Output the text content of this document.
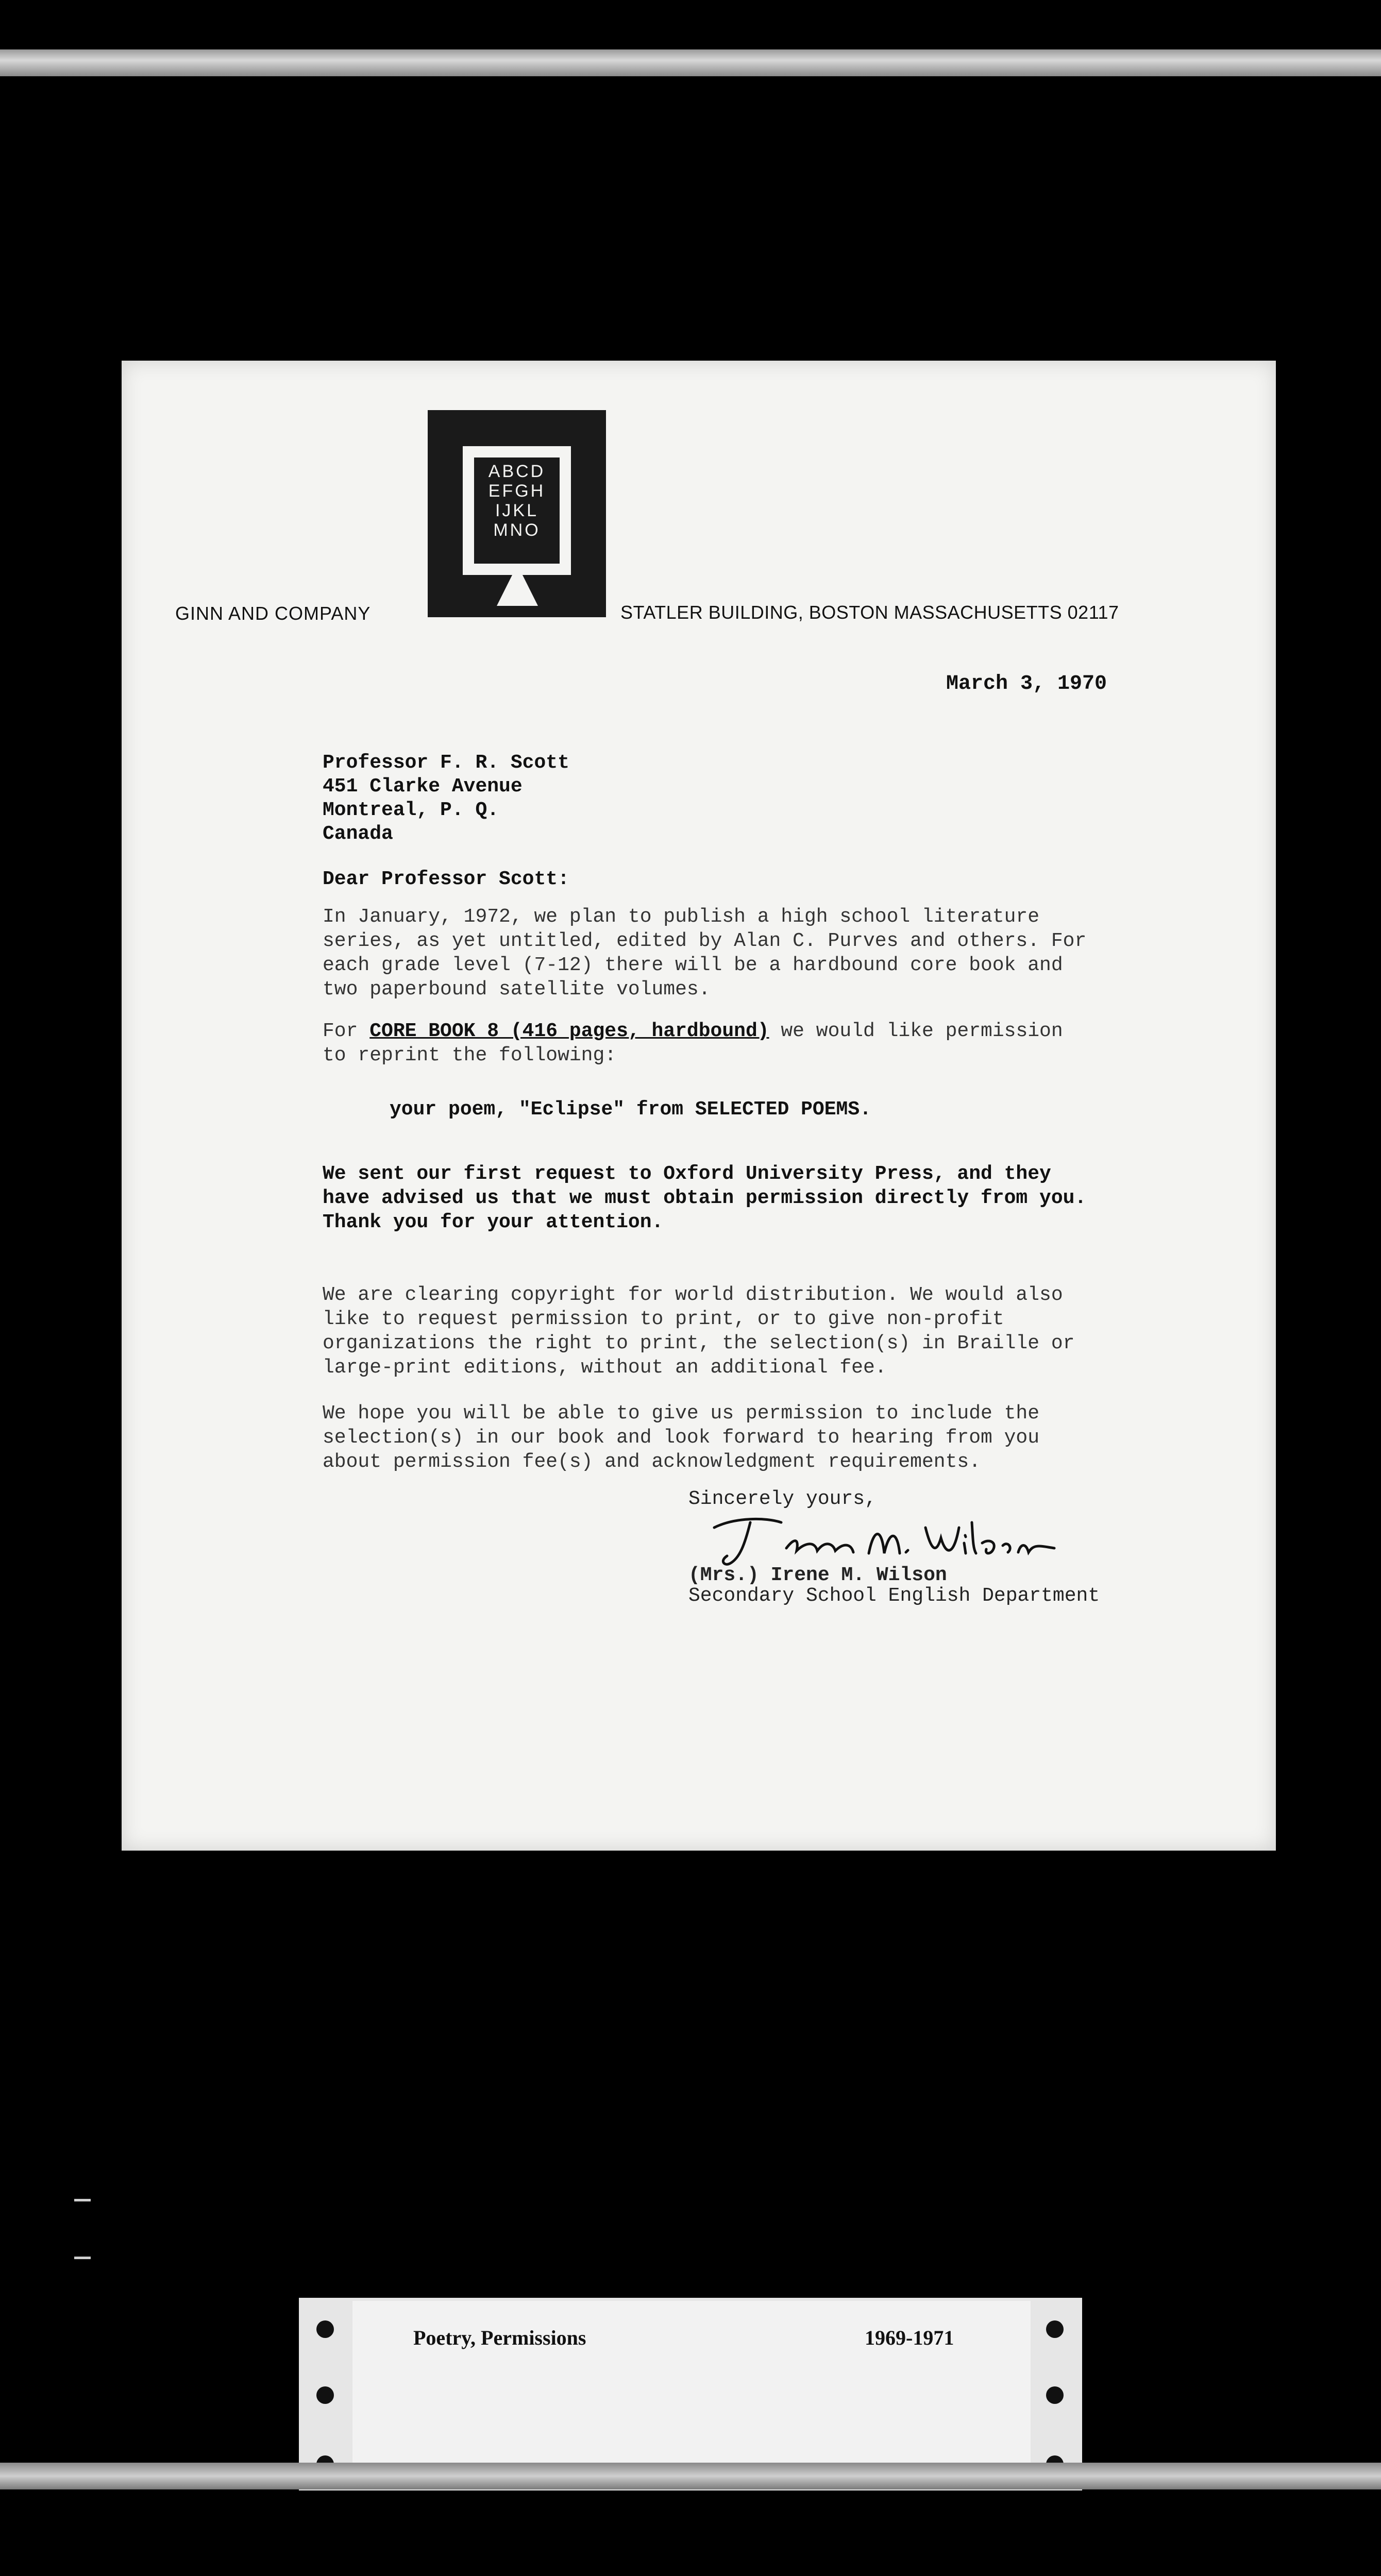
ABCD
EFGH
IJKL
MNO
GINN AND COMPANY	STATLER BUILDING, BOSTON MASSACHUSETTS 02117
March 3, 1970
Professor F. R. Scott
451 Clarke Avenue
Montreal, P. Q.
Canada
Dear Professor Scott:
In January, 1972, we plan to publish a high school literature series, as yet untitled, edited by Alan C. Purves and others. For each grade level (7-12) there will be a hardbound core book and two paperbound satellite volumes.
For CORE BOOK 8 (416 pages, hardbound) we would like permission to reprint the following:
your poem, "Eclipse" from SELECTED POEMS.
We sent our first request to Oxford University Press, and they have advised us that we must obtain permission directly from you. Thank you for your attention.
We are clearing copyright for world distribution. We would also like to request permission to print, or to give non-profit organizations the right to print, the selection(s) in Braille or large-print editions, without an additional fee.
We hope you will be able to give us permission to include the selection(s) in our book and look forward to hearing from you about permission fee(s) and acknowledgment requirements.
Sincerely yours,
(Mrs.) Irene M. Wilson
Secondary School English Department
Poetry, Permissions	1969-1971
